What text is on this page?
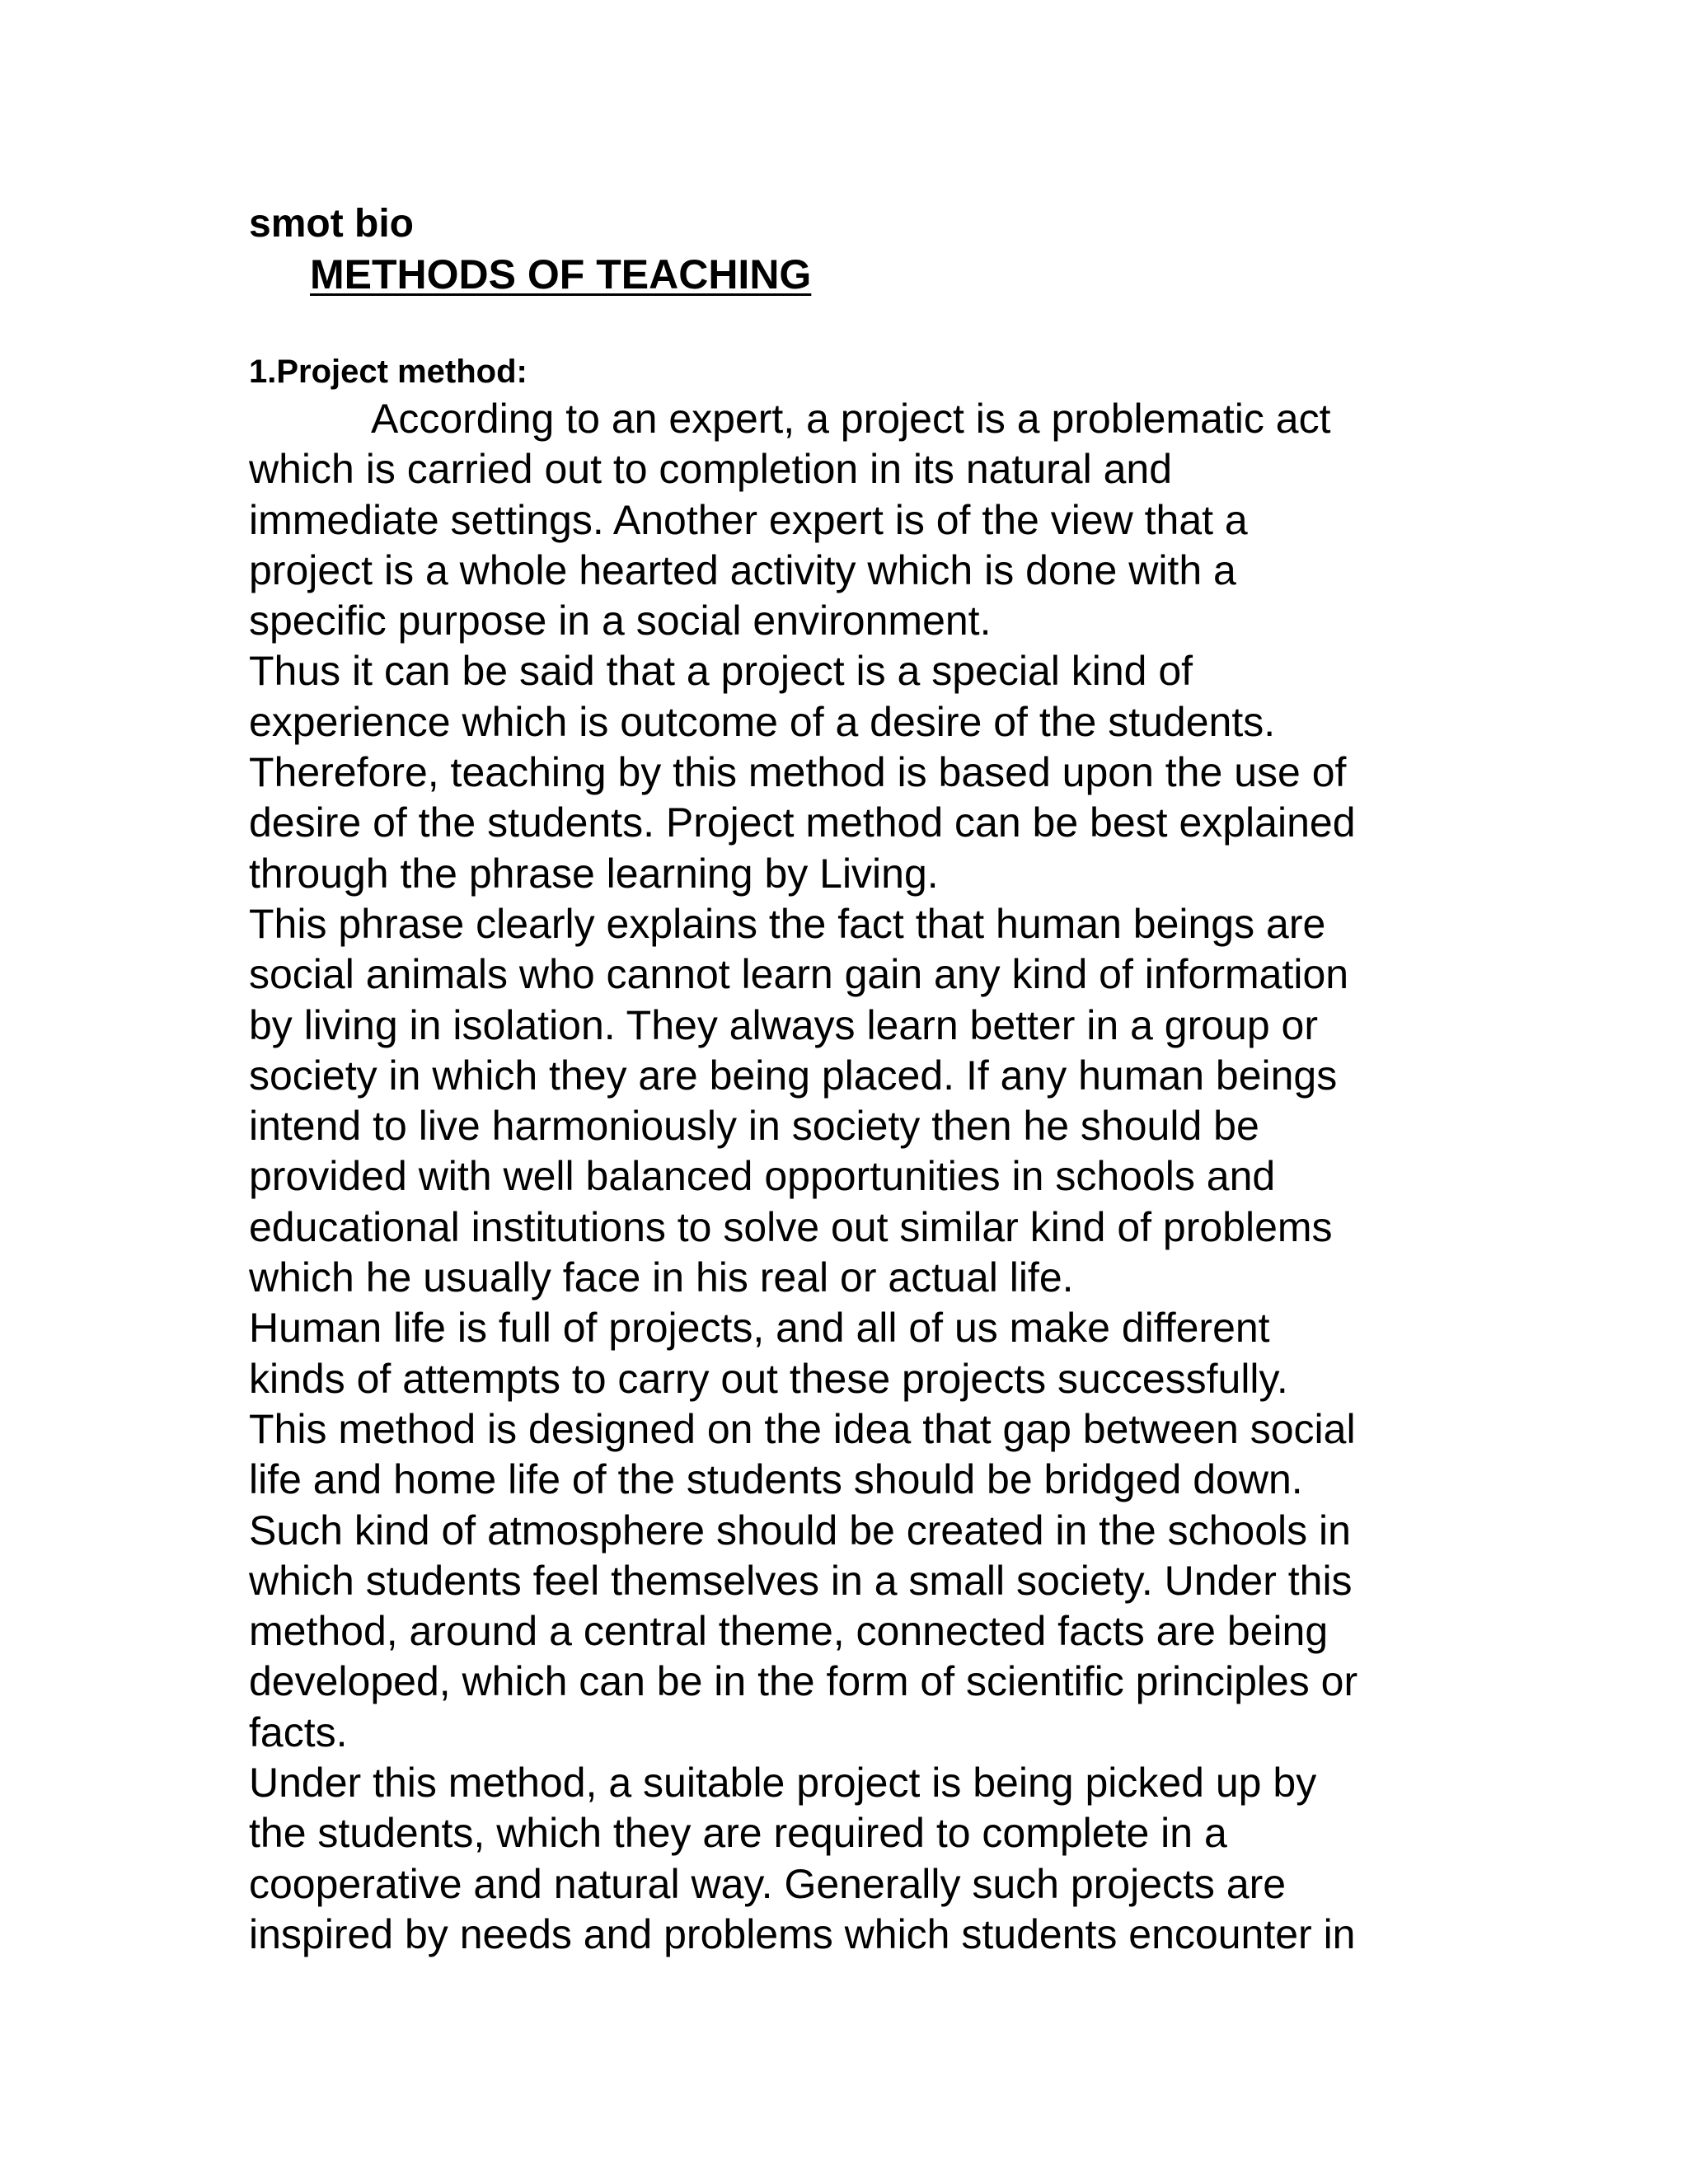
smot bio
METHODS OF TEACHING
1.Project method:
According to an expert, a project is a problematic act
which is carried out to completion in its natural and
immediate settings. Another expert is of the view that a
project is a whole hearted activity which is done with a
specific purpose in a social environment.
Thus it can be said that a project is a special kind of
experience which is outcome of a desire of the students.
Therefore, teaching by this method is based upon the use of
desire of the students. Project method can be best explained
through the phrase learning by Living.
This phrase clearly explains the fact that human beings are
social animals who cannot learn gain any kind of information
by living in isolation. They always learn better in a group or
society in which they are being placed. If any human beings
intend to live harmoniously in society then he should be
provided with well balanced opportunities in schools and
educational institutions to solve out similar kind of problems
which he usually face in his real or actual life.
Human life is full of projects, and all of us make different
kinds of attempts to carry out these projects successfully.
This method is designed on the idea that gap between social
life and home life of the students should be bridged down.
Such kind of atmosphere should be created in the schools in
which students feel themselves in a small society. Under this
method, around a central theme, connected facts are being
developed, which can be in the form of scientific principles or
facts.
Under this method, a suitable project is being picked up by
the students, which they are required to complete in a
cooperative and natural way. Generally such projects are
inspired by needs and problems which students encounter in
